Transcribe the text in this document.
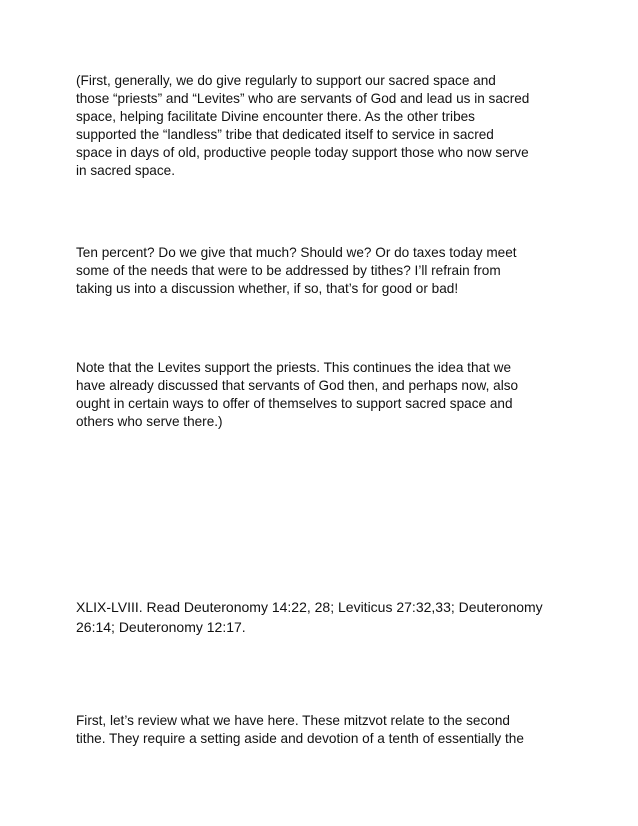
(First, generally, we do give regularly to support our sacred space and
those “priests” and “Levites” who are servants of God and lead us in sacred
space, helping facilitate Divine encounter there. As the other tribes
supported the “landless” tribe that dedicated itself to service in sacred
space in days of old, productive people today support those who now serve
in sacred space.

Ten percent? Do we give that much? Should we? Or do taxes today meet
some of the needs that were to be addressed by tithes? I’ll refrain from
taking us into a discussion whether, if so, that’s for good or bad!

Note that the Levites support the priests. This continues the idea that we
have already discussed that servants of God then, and perhaps now, also
ought in certain ways to offer of themselves to support sacred space and
others who serve there.)

XLIX-LVIII. Read Deuteronomy 14:22, 28; Leviticus 27:32,33; Deuteronomy
26:14; Deuteronomy 12:17.

First, let’s review what we have here. These mitzvot relate to the second
tithe. They require a setting aside and devotion of a tenth of essentially the
